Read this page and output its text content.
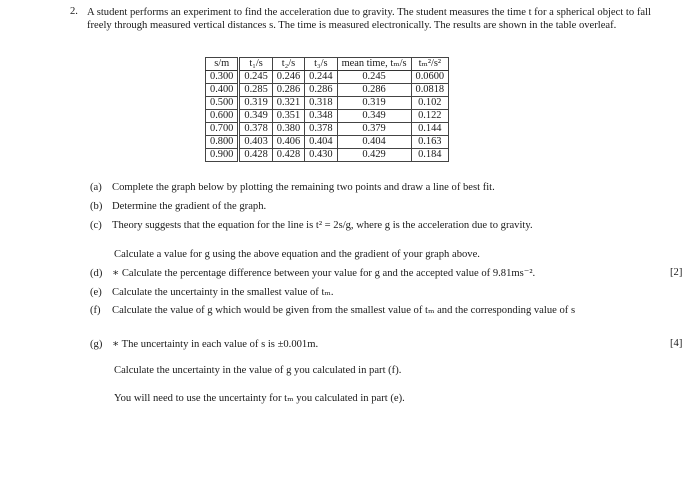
2. A student performs an experiment to find the acceleration due to gravity. The student measures the time t for a spherical object to fall freely through measured vertical distances s. The time is measured electronically. The results are shown in the table overleaf.
s/m	t₁/s	t₂/s	t₃/s	mean time, tₘ/s	tₘ²/s²
0.300	0.245	0.246	0.244	0.245	0.0600
0.400	0.285	0.286	0.286	0.286	0.0818
0.500	0.319	0.321	0.318	0.319	0.102
0.600	0.349	0.351	0.348	0.349	0.122
0.700	0.378	0.380	0.378	0.379	0.144
0.800	0.403	0.406	0.404	0.404	0.163
0.900	0.428	0.428	0.430	0.429	0.184
(a) Complete the graph below by plotting the remaining two points and draw a line of best fit.
(b) Determine the gradient of the graph.
(c) Theory suggests that the equation for the line is t² = 2s/g, where g is the acceleration due to gravity.
Calculate a value for g using the above equation and the gradient of your graph above.
(d) ∗ Calculate the percentage difference between your value for g and the accepted value of 9.81ms⁻².	[2]
(e) Calculate the uncertainty in the smallest value of tₘ.
(f) Calculate the value of g which would be given from the smallest value of tₘ and the corresponding value of s
(g) ∗ The uncertainty in each value of s is ±0.001m.	[4]
Calculate the uncertainty in the value of g you calculated in part (f).
You will need to use the uncertainty for tₘ you calculated in part (e).
